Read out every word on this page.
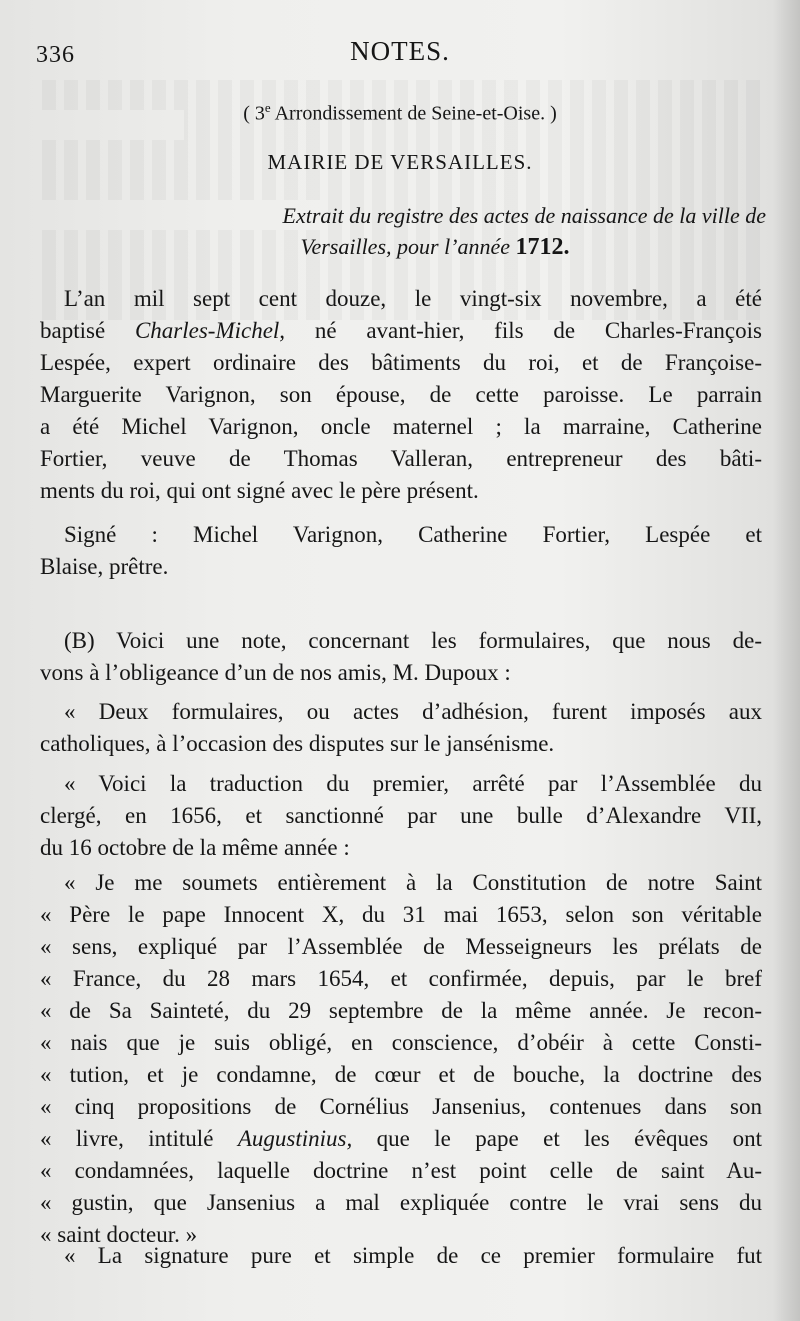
336	NOTES.
( 3e Arrondissement de Seine-et-Oise. )
MAIRIE DE VERSAILLES.
Extrait du registre des actes de naissance de la ville de
Versailles, pour l’année 1712.
L’an mil sept cent douze, le vingt-six novembre, a été
baptisé Charles-Michel, né avant-hier, fils de Charles-François
Lespée, expert ordinaire des bâtiments du roi, et de Françoise-
Marguerite Varignon, son épouse, de cette paroisse. Le parrain
a été Michel Varignon, oncle maternel ; la marraine, Catherine
Fortier, veuve de Thomas Valleran, entrepreneur des bâti-
ments du roi, qui ont signé avec le père présent.
Signé : Michel Varignon, Catherine Fortier, Lespée et
Blaise, prêtre.
(B) Voici une note, concernant les formulaires, que nous de-
vons à l’obligeance d’un de nos amis, M. Dupoux :
« Deux formulaires, ou actes d’adhésion, furent imposés aux
catholiques, à l’occasion des disputes sur le jansénisme.
« Voici la traduction du premier, arrêté par l’Assemblée du
clergé, en 1656, et sanctionné par une bulle d’Alexandre VII,
du 16 octobre de la même année :
« Je me soumets entièrement à la Constitution de notre Saint
« Père le pape Innocent X, du 31 mai 1653, selon son véritable
« sens, expliqué par l’Assemblée de Messeigneurs les prélats de
« France, du 28 mars 1654, et confirmée, depuis, par le bref
« de Sa Sainteté, du 29 septembre de la même année. Je recon-
« nais que je suis obligé, en conscience, d’obéir à cette Consti-
« tution, et je condamne, de cœur et de bouche, la doctrine des
« cinq propositions de Cornélius Jansenius, contenues dans son
« livre, intitulé Augustinius, que le pape et les évêques ont
« condamnées, laquelle doctrine n’est point celle de saint Au-
« gustin, que Jansenius a mal expliquée contre le vrai sens du
« saint docteur. »
« La signature pure et simple de ce premier formulaire fut
